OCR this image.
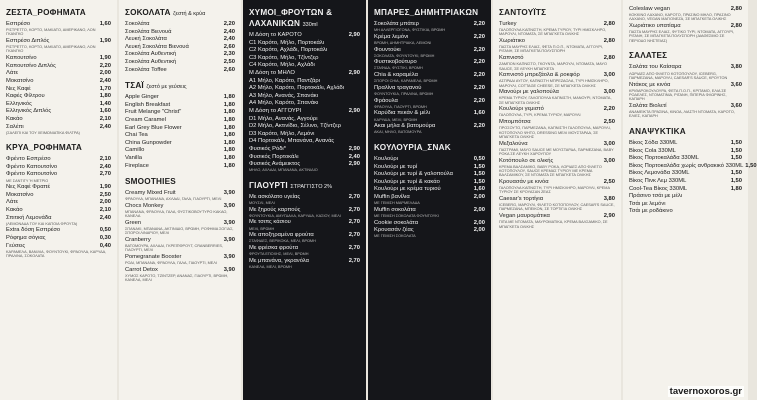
ΖΕΣΤΑ_ΡΟΦΗΜΑΤΑ
Εσπρέσο	1,60
ΡΙΣΤΡΕΤΤΟ, ΚΟΡΤΟ, ΜΑΚΙΑΤΟ, ΑΜΕΡΙΚΑΝΟ, ΛΟΝ ΓΚΑΝΓΚΟ
Εσπρέσο Διπλός	1,90
ΡΙΣΤΡΕΤΤΟ, ΚΟΡΤΟ, ΜΑΚΙΑΤΟ, ΑΜΕΡΙΚΑΝΟ, ΛΟΝ ΓΚΑΝΓΚΟ
Καπουτσίνο	1,90
Καπουτσίνο Διπλός	2,20
Λάτε	2,00
Μοκατσίνο	2,40
Νες Καφέ	1,70
Καφές Φίλτρου	1,80
Ελληνικός	1,40
Ελληνικός Διπλός	1,60
Κακάο	2,10
Σαλέπι	2,40
(ΣΑΛΕΠΙ ΚΑΙ ΤΟΥ ΧΕΙΜΩΝΙΑΤΙΚΑ ΦΙΛΤΡΑ)
ΚΡΥΑ_ΡΟΦΗΜΑΤΑ
Φρέντο Εσπρέσο	2,10
Φρέντο Καπουτσίνο	2,40
Φρέντο Καπουτσίνο	2,70
ΜΕ ΣΑΝΤΙΓΥ Ή ΜΕΤΡΙΟ
Νες Καφέ Φραπέ	1,90
Μοκατσίνο	2,50
Λάτε	2,00
Κακάο	2,10
Σπιτική Λεμονάδα	2,40
(ΛΕΜΟΝΑΔΑ ΤΟΥ ΚΑΙ ΚΑΠΟΙΑ ΦΡΟΥΤΑ)
Extra δόση Εσπρέσο	0,50
Ρόφημα σόγιας	0,30
Γεύσεις	0,40
ΚΑΡΑΜΕΛΑ, ΒΑΝΙΛΙΑ, ΦΟΥΝΤΟΥΚΙ, ΦΡΑΟΥΛΑ, ΚΑΡΥΔΑ, ΠΡΑΛΙΝΑ, ΣΟΚΟΛΑΤΑ
ΣΟΚΟΛΑΤΑ ζεστή & κρύα
Σοκολάτα	2,20
Σοκολάτα Βιενουά	2,40
Λευκή Σοκολάτα	2,40
Λευκή Σοκολάτα Βιενουά	2,60
Σοκολάτα Αυθεντική	2,30
Σοκολάτα Αυθεντική	2,50
Σοκολάτα Toffee	2,60
ΤΣΑΪ ζεστό με γεύσεις
Apple Ginger	1,80
English Breakfast	1,80
Fruit Melange "Christ"	1,80
Cream Caramel	1,80
Earl Grey Blue Flower	1,80
Chai Tea	1,80
China Gunpowder	1,80
Camillo	1,80
Vanilla	1,80
Fireplace	1,80
SMOOTHIES
Creamy Mixed Fruit	3,90
ΦΡΑΟΥΛΑ, ΜΠΑΝΑΝΑ, ΑΧΛΑΔΙ, ΓΑΛΑ, ΓΙΑΟΥΡΤΙ, ΜΕΛΙ
Chocs Monkey	3,90
ΜΠΑΝΑΝΑ, ΦΡΑΟΥΛΑ, ΓΑΛΑ, ΦΥΣΤΙΚΟΒΟΥΤΥΡΟ ΚΑΚΑΟ, ΚΑΝΕΛΑ
Green	3,90
ΣΠΑΝΑΚΙ, ΜΠΑΝΑΝΑ, ΑΚΤΙΝΙΔΙΟ, ΒΡΩΜΗ, ΡΟΦΗΜΑ ΣΟΓΙΑΣ, ΣΠΟΡΟΙ ΛΙΝΑΡΙΟΥ, ΜΕΛΙ
Cranberry	3,90
ΒΑΤΟΜΟΥΡΑ, ΑΧΛΑΔΙ, ΓΚΡΕΪΠΦΡΟΥΤ, CRANBERRIES, ΓΙΑΟΥΡΤΙ, ΜΕΛΙ
Pomegranate Booster	3,90
ΡΟΔΙ, ΜΠΑΝΑΝΑ, ΦΡΑΟΥΛΑ, ΓΑΛΑ, ΓΙΑΟΥΡΤΙ, ΜΕΛΙ
Carrot Detox	3,90
ΧΥΜΟΣ ΚΑΡΟΤΟ, ΤΖΙΝΤΖΕΡ, ΑΝΑΝΑΣ, ΓΙΑΟΥΡΤΙ, ΒΡΩΜΗ, ΚΑΝΕΛΑ, ΜΕΛΙ
ΧΥΜΟΙ_ΦΡΟΥΤΩΝ &
ΛΑΧΑΝΙΚΩΝ 330ml
Μ Δόση το ΚΑΡΟΤΟ	2,90
C1 Καρότο, Μήλο, Πορτοκάλι
C2 Καρότο, Αχλάδι, Πορτοκάλι
C3 Καρότο, Μήλο, Τζίντζερ
C4 Καρότο, Μήλο, Αχλάδι
Μ Δόση το ΜΗΛΟ	2,90
A1 Μήλο, Καρότο, Παντζάρι
A2 Μήλο, Καρότο, Πορτοκάλι, Αχλάδι
A3 Μήλο, Ανανάς, Σπανάκι
A4 Μήλο, Καρότο, Σπανάκι
Μ Δόση το ΑΓΓΟΥΡΙ	2,90
D1 Μήλο, Ανανάς, Αγγούρι
D2 Μήλο, Ακτινίδιο, Σέλινο, Τζίντζερ
D3 Καρότο, Μήλο, Λεμόνι
D4 Πορτοκάλι, Μπανάνα, Ανανάς
Φυσικός Ρόδι*	2,90
Φυσικός Πορτοκάλι	2,40
Φυσικός Ανάμεικτος	2,90
ΜΗΛΟ, ΑΧΛΑΔΙ, ΜΠΑΝΑΝΑ, ΑΚΤΙΝΙΔΙΟ
ΓΙΑΟΥΡΤΙ ΣΤΡΑΓΓΙΣΤΟ 2%
Με ασκόλατο υγείας	2,70
ΜΟΥΣΛΙ, ΜΕΛΙ
Με ξηρούς καρπούς	2,70
ΦΟΥΝΤΟΥΚΙΑ, ΑΜΥΓΔΑΛΑ, ΚΑΡΥΔΙΑ, ΚΑΣΙΟΥ, ΜΕΛΙ
Με τσιπς κάσιου	2,70
ΜΕΛΙ, ΒΡΩΜΗ
Με αποξηραμένα φρούτα	2,70
ΣΤΑΦΙΔΕΣ, ΒΕΡΙΚΟΚΑ, ΜΕΛΙ, ΒΡΩΜΗ
Με φρέσκα φρούτα	2,70
ΦΡΟΥΤΑ ΕΠΟΧΗΣ, ΜΕΛΙ, ΒΡΩΜΗ
Με μπανάνα, γκρανόλα	2,70
ΚΑΝΕΛΑ, ΜΕΛΙ, ΒΡΩΜΗ
ΜΠΑΡΕΣ_ΔΗΜΗΤΡΙΑΚΩΝ
Σοκολάτα μπάτερ	2,20
ΜΗ ΑΛΛΕΡΓΙΟΓΟΝΑ, ΦΥΣΤΙΚΙΑ, ΒΡΩΜΗ
Κρέμα λεμόνι	2,20
ΒΡΩΜΗ, ΔΗΜΗΤΡΙΑΚΑ, ΛΕΜΟΝΙ
Φουντούκι	2,20
ΣΟΚΟΛΑΤΑ, ΦΟΥΝΤΟΥΚΙ, ΒΡΩΜΗ
Φυστικοβούτυρο	2,20
ΣΤΑΦΙΔΑ, ΦΥΣΤΙΚΙ, ΒΡΩΜΗ
Chia & καραμέλα	2,20
ΣΠΟΡΟΙ CHIA, ΚΑΡΑΜΕΛΑ, ΒΡΩΜΗ
Πραλίνα τραγανού	2,20
ΦΟΥΝΤΟΥΚΙΑ, ΠΡΑΛΙΝΑ, ΒΡΩΜΗ
Φράουλα	2,20
ΦΡΑΟΥΛΑ, ΓΙΑΟΥΡΤΙ, ΒΡΩΜΗ
Καρύδια πεκάν & μέλι	1,60
ΚΑΡΥΔΙΑ, ΜΕΛΙ, ΒΡΩΜΗ
Ακαι μήλα & βατομούρα	2,20
ΑΚΑΙ, ΜΗΛΟ, ΒΑΤΟΜΟΥΡΑ
ΚΟΥΛΟΥΡΙΑ_ΣΝΑΚ
Κουλούρι	0,50
Κουλούρι με τυρί	1,50
Κουλούρι με τυρί & γαλοπούλα	1,50
Κουλούρι με τυρί & κακάο	1,50
Κουλούρι με κρέμα τυριού	1,60
Muffin βανίλια	2,00
ΜΕ ΓΕΜΙΣΗ ΜΑΡΜΕΛΑΔΑ
Muffin σοκολάτα	2,00
ΜΕ ΓΕΜΙΣΗ ΣΟΚΟΛΑΤΑ ΦΟΥΝΤΟΥΚΙ
Cookie σοκολάτα	2,00
Κρουασάν ζέας	2,00
ΜΕ ΓΕΜΙΣΗ ΣΟΚΟΛΑΤΑ
ΣΑΝΤΟΥΪΤΣ
Turkey	2,80
ΓΑΛΟΠΟΥΛΑ ΚΑΠΝΙΣΤΗ, ΚΡΕΜΑ ΤΥΡΙΟΥ, ΤΥΡΙ ΗΜΙΣΚΛΗΡΟ, ΜΑΡΟΥΛΙ, ΝΤΟΜΑΤΑ, ΣΕ ΜΠΑΓΚΕΤΑ ΟΛΙΚΗΣ
Χωριάτικο	2,80
ΠΑΣΤΑ ΜΑΥΡΗΣ ΕΛΙΑΣ, ΦΕΤΑ Π.Ο.Π., ΝΤΟΜΑΤΑ, ΑΓΓΟΥΡΙ, ΡΙΓΑΝΗ, ΣΕ ΜΠΑΓΚΕΤΑ ΠΟΛΥΣΠΟΡΗ
Καπνιστό	2,80
ΖΑΜΠΟΝ ΚΑΠΝΙΣΤΟ, ΓΚΟΥΝΤΑ, ΜΑΡΟΥΛΙ, ΝΤΟΜΑΤΑ, MAYO SAUCE, ΣΕ ΛΕΥΚΗ ΜΠΑΓΚΕΤΑ
Καπνιστό μπρεζάολα & ροκφόρ	3,00
ΑΣΠΡΑΔΙ ΑΥΓΟΥ, ΚΑΠΝΙΣΤΗ ΜΠΡΕΖΑΟΛΑ, ΤΥΡΙ ΗΜΙΣΚΛΗΡΟ, ΜΑΡΟΥΛΙ, COTTAGE CHEESE, ΣΕ ΜΠΑΓΚΕΤΑ ΟΛΙΚΗΣ
Μανούρι με γαλοπούλα	3,00
ΚΡΕΜΑ ΤΥΡΙΟΥ, ΓΑΛΟΠΟΥΛΑ ΚΑΠΝΙΣΤΗ, ΜΑΝΟΥΡΙ, ΝΤΟΜΑΤΑ, ΣΕ ΜΠΑΓΚΕΤΑ ΟΛΙΚΗΣ
Κουλούρι γεμιστό	2,20
ΓΑΛΟΠΟΥΛΑ, ΤΥΡΙ, ΚΡΕΜΑ ΤΥΡΙΟΥ, ΜΑΡΟΥΛΙ
Μπομπότσα	2,50
ΠΡΟΣΟΥΤΟ, ΠΑΡΜΕΖΑΝΑ, ΚΑΠΝΙΣΤΗ ΓΑΛΟΠΟΥΛΑ, ΜΑΡΟΥΛΙ, ΚΟΤΟΠΟΥΛΟ ΨΗΤΟ, DRESSING ΜΕΛΙ ΜΟΥΣΤΑΡΔΑ, ΣΕ ΜΠΑΓΚΕΤΑ ΟΛΙΚΗΣ
Μεξαλούνα	3,00
ΠΑΣΤΡΑΜΙ, MAYO SAUCE ΜΕ ΜΟΥΣΤΑΡΔΑ, ΠΑΡΜΕΖΑΝΑ, BABY ΡΟΚΑ ΣΕ ΛΕΥΚΗ ΧΑΡΟΥΠΟΥ
Κοτόπουλο σε ολικής	3,00
ΚΡΕΜΑ ΒΑΛΣΑΜΙΚΟ, BABY ΡΟΚΑ, ΛΟΡΙΔΕΣ ΑΠΟ ΦΙΛΕΤΟ ΚΟΤΟΠΟΥΛΟΥ, SAUCE ΚΡΕΜΑΣ ΤΥΡΙΟΥ ΜΕ ΚΡΕΜΑ ΒΑΛΣΑΜΙΚΟΥ, ΣΕ ΝΤΟΜΑΤΑ ΣΕ ΜΠΑΓΚΕΤΑ ΟΛΙΚΗΣ
Κρουασάν με κινόα	2,50
ΓΑΛΟΠΟΥΛΑ ΚΑΠΝΙΣΤΗ, ΤΥΡΙ ΗΜΙΣΚΛΗΡΟ, ΜΑΡΟΥΛΙ, ΚΡΕΜΑ ΤΥΡΙΟΥ ΣΕ ΚΡΟΥΑΣΑΝ ΖΕΑΣ
Caesar's τορτίγια	3,80
ICEBERG, ΜΑΡΟΥΛΙ, ΦΙΛΕΤΟ ΚΟΤΟΠΟΥΛΟΥ, CAESAR'S SAUCE, ΠΑΡΜΕΖΑΝΑ, ΜΠΕΙΚΟΝ, ΣΕ ΤΟΡΤΙΓΙΑ ΟΛΙΚΗΣ
Vegan μαυρομάτικα	2,90
ΠΙΤΑ ΜΕ ΝΤΟΜΑΤΑ, ΜΑΥΡΟΜΑΤΙΚΑ, ΚΡΕΜΑ ΒΑΛΣΑΜΙΚΟ, ΣΕ ΜΠΑΓΚΕΤΑ ΟΛΙΚΗΣ
Coleslaw vegan	2,80
ΚΟΚΚΙΝΟ ΛΑΧΑΝΟ, ΚΑΡΟΤΟ, ΠΡΑΣΙΝΟ ΜΗΛΟ, ΠΡΑΣΙΝΟ ΛΑΧΑΝΟ, VEGAN ΜΑΓΙΟΝΕΖΑ, ΣΕ ΜΠΑΓΚΕΤΑ ΟΛΙΚΗΣ
Χωριάτικο υπατίαμα	2,80
ΠΑΣΤΑ ΜΑΥΡΗΣ ΕΛΙΑΣ, ΦΥΤΙΚΟ ΤΥΡΙ, ΝΤΟΜΑΤΑ, ΑΓΓΟΥΡΙ, ΡΙΓΑΝΗ, ΣΕ ΜΠΑΓΚΕΤΑ ΠΟΛΥΣΠΟΡΗ (ΔΙΑΘΕΣΙΜΟ ΣΕ ΠΕΡΙΟΔΟ ΝΗΣΤΕΙΑΣ)
ΣΑΛΑΤΕΣ
Σαλάτα του Καίσαρα	3,80
ΛΩΡΙΔΕΣ ΑΠΟ ΦΙΛΕΤΟ ΚΟΤΟΠΟΥΛΟΥ, ICEBERG, ΠΑΡΜΕΖΑΝΑ, ΜΑΡΟΥΛΙ, CAESAR'S SAUCE, ΚΡΟΥΤΟΝ
Ντάκος με κινόα	3,60
ΚΡΙΘΑΡΟΚΟΥΛΟΥΡΑ, ΦΕΤΑ Π.Ο.Π., ΚΡΙΤΑΜΟ, ΕΛΙΑ ΣΕ ΡΟΔΕΛΕΣ, ΝΤΟΜΑΤΙΝΙΑ, ΡΙΓΑΝΗ, ΠΙΠΕΡΙΑ ΦΛΩΡΙΝΗΣ, ΚΑΠΑΡΗ
Σαλάτα Βιολετί	3,60
ΑΝΑΜΕΙΚΤΑ ΠΡΑΣΙΝΑ, ΚΙΝΟΑ, ΛΙΑΣΤΗ ΝΤΟΜΑΤΑ, ΚΑΡΟΤΟ, ΕΛΙΕΣ, ΚΑΠΑΡΗ
ΑΝΑΨΥΚΤΙΚΑ
Βίκος Σόδα 330ML	1,50
Βίκος Cola 330ML	1,50
Βίκος Πορτοκαλάδα 330ML	1,50
Βίκος Πορτοκαλάδα χωρίς ανθρακικό 330ML 1,50
Βίκος Λεμονάδα 330ML	1,50
Βίκος Πινκ Λεμ 330ML	1,50
Cool-Tea Βίκος 330ML	1,80
Πράσινο τσάι με μέλι
Τσάι με λεμόνι
Τσάι με ροδάκινο
tavernoxoros.gr
